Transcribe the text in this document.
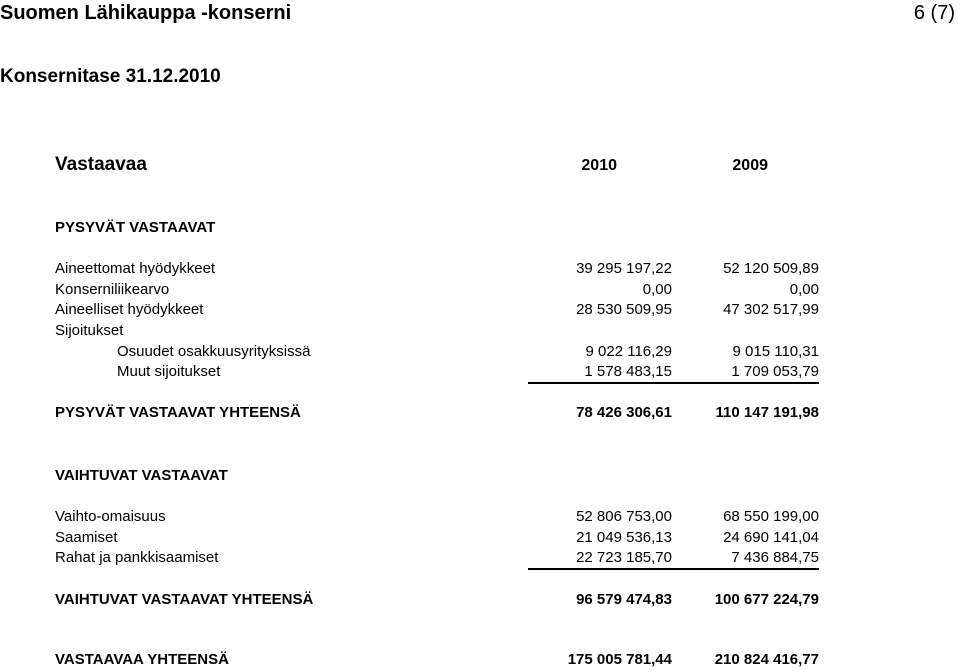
Suomen Lähikauppa -konserni	6 (7)
Konsernitase 31.12.2010
Vastaavaa	2010	2009
PYSYVÄT VASTAAVAT
Aineettomat hyödykkeet	39 295 197,22	52 120 509,89
Konserniliikearvo	0,00	0,00
Aineelliset hyödykkeet	28 530 509,95	47 302 517,99
Sijoitukset
Osuudet osakkuusyrityksissä	9 022 116,29	9 015 110,31
Muut sijoitukset	1 578 483,15	1 709 053,79
PYSYVÄT VASTAAVAT YHTEENSÄ	78 426 306,61	110 147 191,98
VAIHTUVAT VASTAAVAT
Vaihto-omaisuus	52 806 753,00	68 550 199,00
Saamiset	21 049 536,13	24 690 141,04
Rahat ja pankkisaamiset	22 723 185,70	7 436 884,75
VAIHTUVAT VASTAAVAT YHTEENSÄ	96 579 474,83	100 677 224,79
VASTAAVAA YHTEENSÄ	175 005 781,44	210 824 416,77
